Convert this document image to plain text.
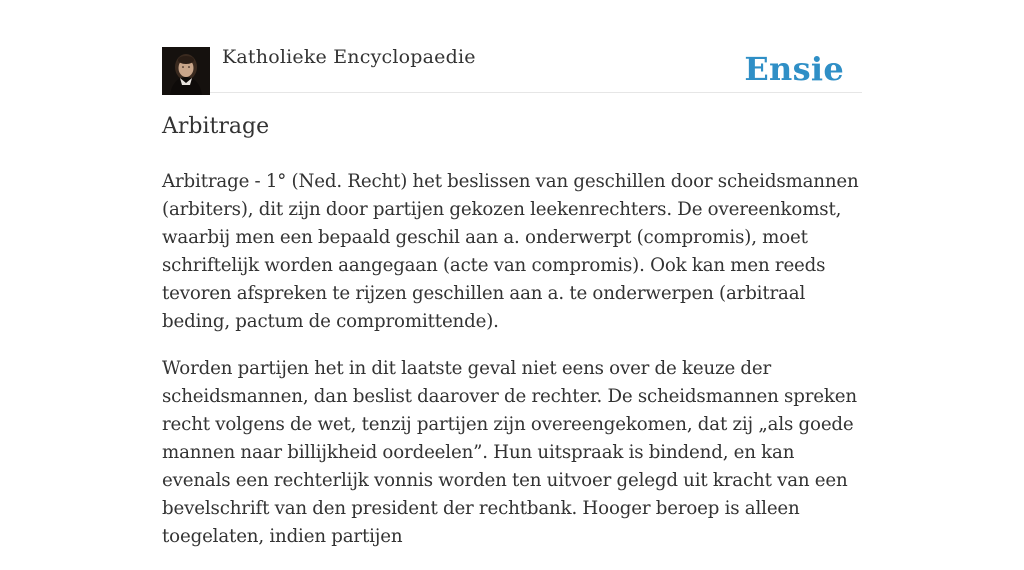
Katholieke Encyclopaedie	Ensie
Arbitrage

Arbitrage - 1° (Ned. Recht) het beslissen van geschillen door scheidsmannen (arbiters), dit zijn door partijen gekozen leekenrechters. De overeenkomst, waarbij men een bepaald geschil aan a. onderwerpt (compromis), moet schriftelijk worden aangegaan (acte van compromis). Ook kan men reeds tevoren afspreken te rijzen geschillen aan a. te onderwerpen (arbitraal beding, pactum de compromittende).

Worden partijen het in dit laatste geval niet eens over de keuze der scheidsmannen, dan beslist daarover de rechter. De scheidsmannen spreken recht volgens de wet, tenzij partijen zijn overeengekomen, dat zij „als goede mannen naar billijkheid oordeelen”. Hun uitspraak is bindend, en kan evenals een rechterlijk vonnis worden ten uitvoer gelegd uit kracht van een bevelschrift van den president der rechtbank. Hooger beroep is alleen toegelaten, indien partijen
